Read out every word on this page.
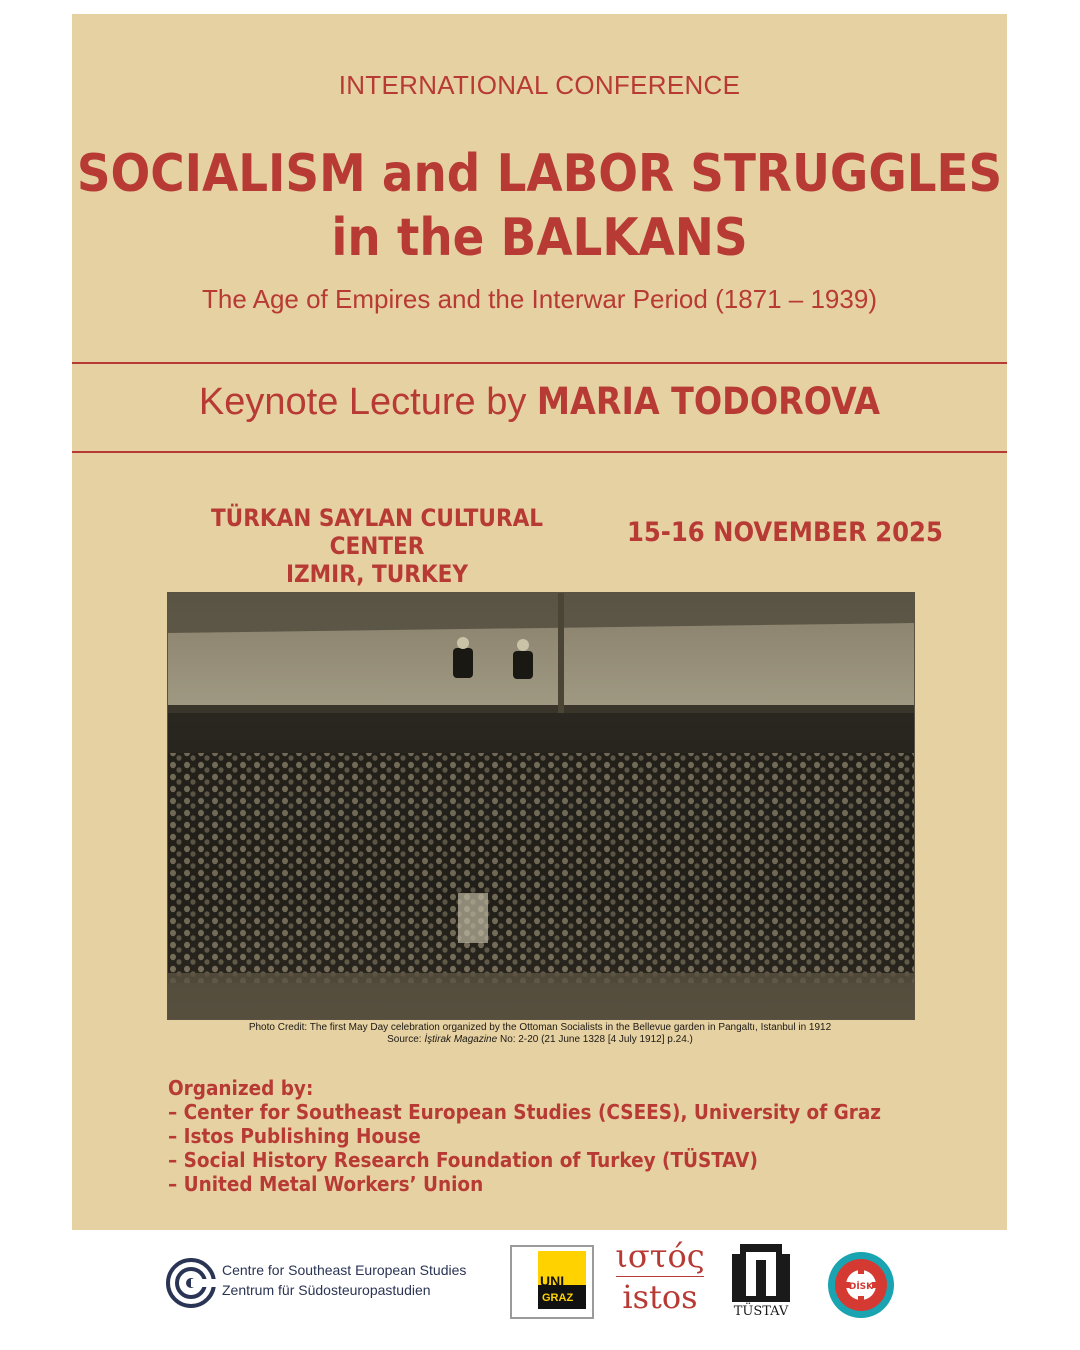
INTERNATIONAL CONFERENCE
SOCIALISM and LABOR STRUGGLES
in the BALKANS
The Age of Empires and the Interwar Period (1871 – 1939)
Keynote Lecture by MARIA TODOROVA
TÜRKAN SAYLAN CULTURAL CENTER
IZMIR, TURKEY
15-16 NOVEMBER 2025
Photo Credit: The first May Day celebration organized by the Ottoman Socialists in the Bellevue garden in Pangaltı, Istanbul in 1912
Source: İştirak Magazine No: 2-20 (21 June 1328 [4 July 1912] p.24.)
Organized by:
– Center for Southeast European Studies (CSEES), University of Graz
– Istos Publishing House
– Social History Research Foundation of Turkey (TÜSTAV)
– United Metal Workers’ Union
Centre for Southeast European Studies
Zentrum für Südosteuropastudien
UNI
GRAZ
ιστός
istos	TÜSTAV
DİSK
